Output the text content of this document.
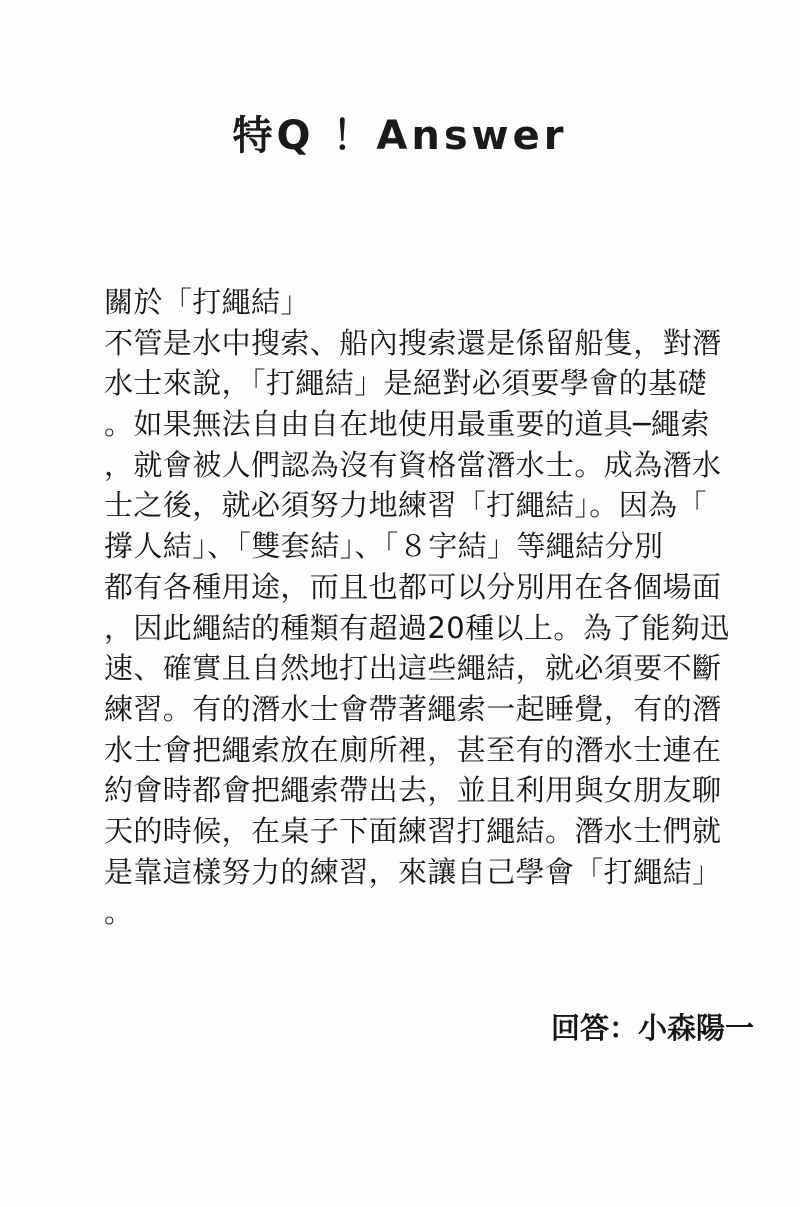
特Q ！Answer
關於「打繩結」
不管是水中搜索、船內搜索還是係留船隻，對潛
水士來說，「打繩結」是絕對必須要學會的基礎
。如果無法自由自在地使用最重要的道具─繩索
，就會被人們認為沒有資格當潛水士。成為潛水
士之後，就必須努力地練習「打繩結」。因為「
撐人結」、「雙套結」、「８字結」等繩結分別
都有各種用途，而且也都可以分別用在各個場面
，因此繩結的種類有超過20種以上。為了能夠迅
速、確實且自然地打出這些繩結，就必須要不斷
練習。有的潛水士會帶著繩索一起睡覺，有的潛
水士會把繩索放在廁所裡，甚至有的潛水士連在
約會時都會把繩索帶出去，並且利用與女朋友聊
天的時候，在桌子下面練習打繩結。潛水士們就
是靠這樣努力的練習，來讓自己學會「打繩結」
。
回答：小森陽一
